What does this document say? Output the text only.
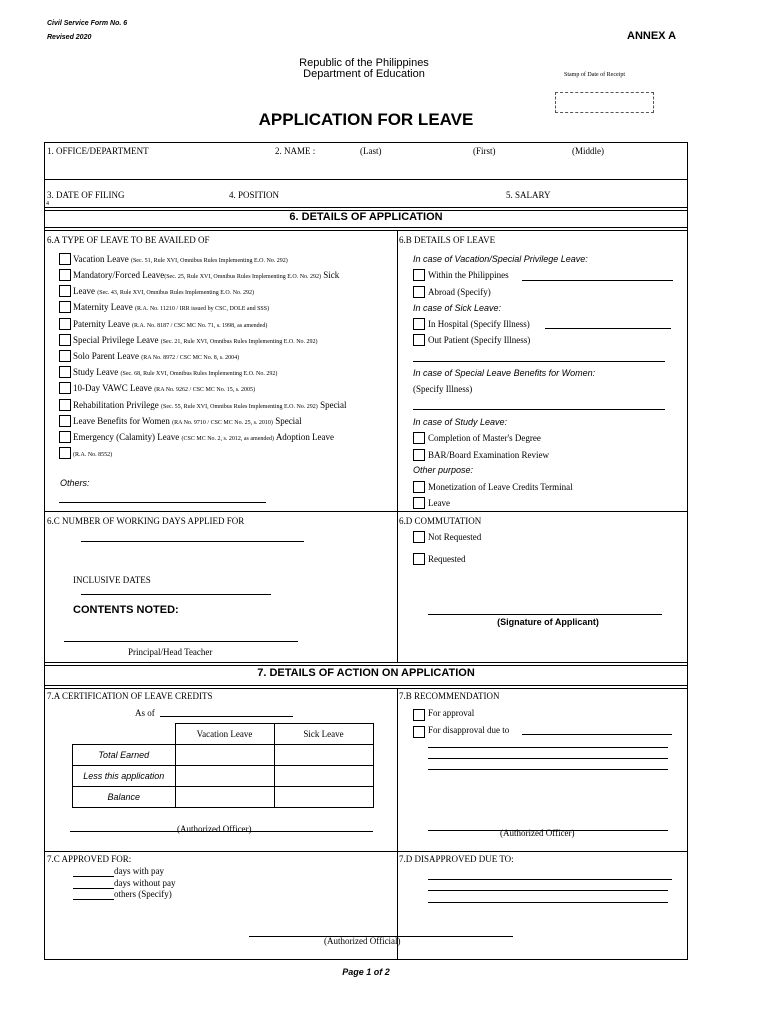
Civil Service Form No. 6
Revised 2020	ANNEX A
Republic of the Philippines
Department of Education	Stamp of Date of Receipt
APPLICATION FOR LEAVE
1. OFFICE/DEPARTMENT	2. NAME :	(Last)	(First)	(Middle)
3. DATE OF FILING	4. POSITION	5. SALARY
4
6. DETAILS OF APPLICATION
6.A TYPE OF LEAVE TO BE AVAILED OF
Vacation Leave (Sec. 51, Rule XVI, Omnibus Rules Implementing E.O. No. 292)
Mandatory/Forced Leave(Sec. 25, Rule XVI, Omnibus Rules Implementing E.O. No. 292) Sick
Leave (Sec. 43, Rule XVI, Omnibus Rules Implementing E.O. No. 292)
Maternity Leave (R.A. No. 11210 / IRR issued by CSC, DOLE and SSS)
Paternity Leave (R.A. No. 8187 / CSC MC No. 71, s. 1998, as amended)
Special Privilege Leave (Sec. 21, Rule XVI, Omnibus Rules Implementing E.O. No. 292)
Solo Parent Leave (RA No. 8972 / CSC MC No. 8, s. 2004)
Study Leave (Sec. 68, Rule XVI, Omnibus Rules Implementing E.O. No. 292)
10-Day VAWC Leave (RA No. 9262 / CSC MC No. 15, s. 2005)
Rehabilitation Privilege (Sec. 55, Rule XVI, Omnibus Rules Implementing E.O. No. 292) Special
Leave Benefits for Women (RA No. 9710 / CSC MC No. 25, s. 2010) Special
Emergency (Calamity) Leave (CSC MC No. 2, s. 2012, as amended) Adoption Leave
(R.A. No. 8552)
Others:
6.B DETAILS OF LEAVE
In case of Vacation/Special Privilege Leave:
Within the Philippines
Abroad (Specify)
In case of Sick Leave:
In Hospital (Specify Illness)
Out Patient (Specify Illness)
In case of Special Leave Benefits for Women:
(Specify Illness)
In case of Study Leave:
Completion of Master's Degree
BAR/Board Examination Review
Other purpose:
Monetization of Leave Credits Terminal
Leave
6.C NUMBER OF WORKING DAYS APPLIED FOR
INCLUSIVE DATES
CONTENTS NOTED:
Principal/Head Teacher
6.D COMMUTATION
Not Requested
Requested
(Signature of Applicant)
7. DETAILS OF ACTION ON APPLICATION
7.A CERTIFICATION OF LEAVE CREDITS
As of
	Vacation Leave	Sick Leave
Total Earned		
Less this application		
Balance		
(Authorized Officer)
7.B RECOMMENDATION
For approval
For disapproval due to
(Authorized Officer)
7.C APPROVED FOR:
days with pay
days without pay
others (Specify)
7.D DISAPPROVED DUE TO:
(Authorized Official)
Page 1 of 2
